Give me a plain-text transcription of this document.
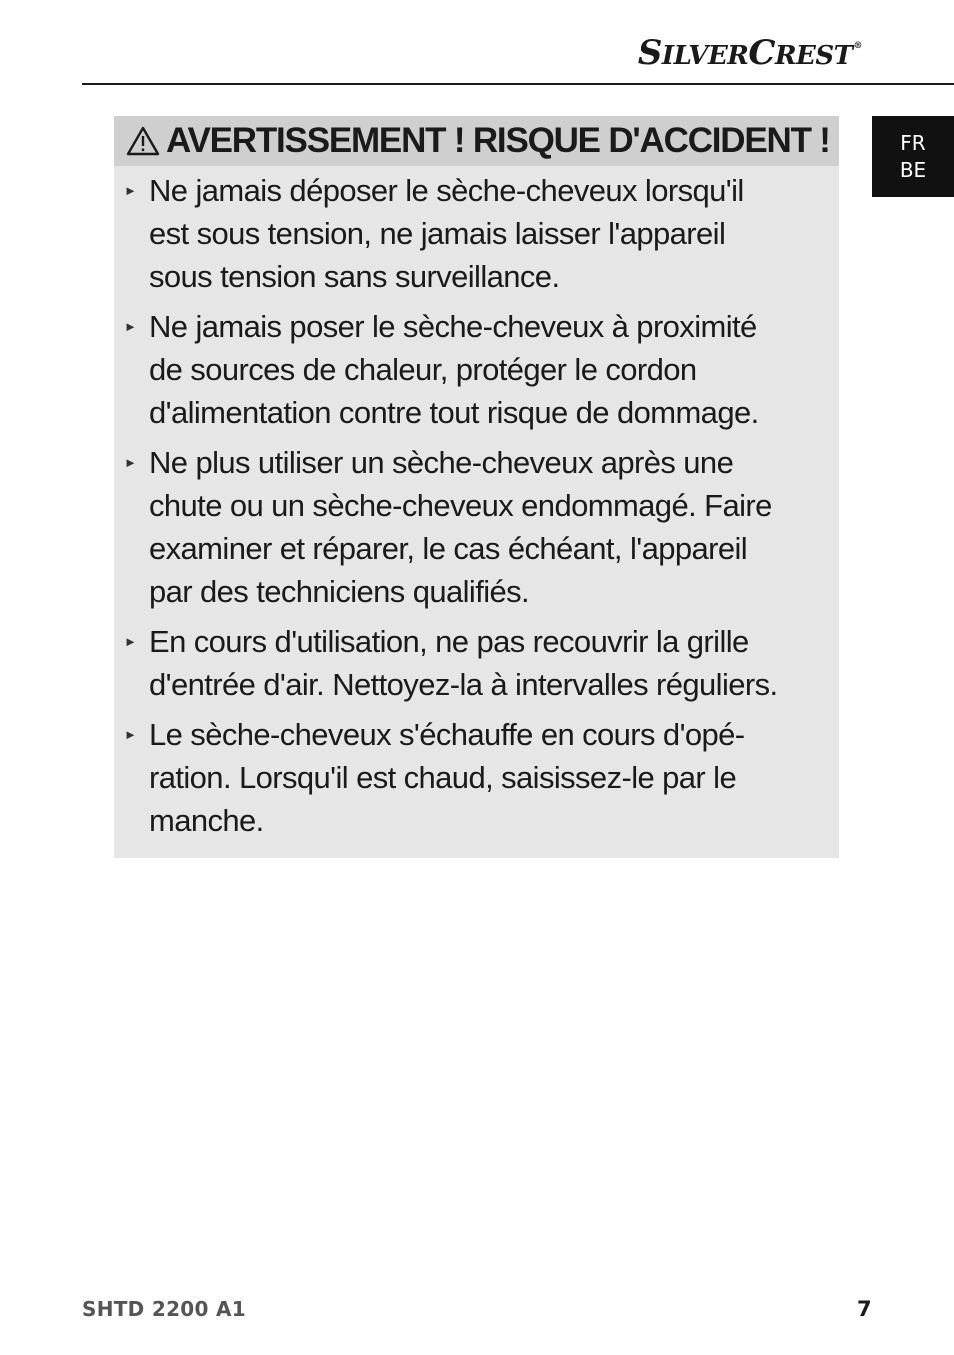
SILVERCREST®
FR
BE
AVERTISSEMENT ! RISQUE D'ACCIDENT !
► Ne jamais déposer le sèche-cheveux lorsqu'il
est sous tension, ne jamais laisser l'appareil
sous tension sans surveillance.
► Ne jamais poser le sèche-cheveux à proximité
de sources de chaleur, protéger le cordon
d'alimentation contre tout risque de dommage.
► Ne plus utiliser un sèche-cheveux après une
chute ou un sèche-cheveux endommagé. Faire
examiner et réparer, le cas échéant, l'appareil
par des techniciens qualifiés.
► En cours d'utilisation, ne pas recouvrir la grille
d'entrée d'air. Nettoyez-la à intervalles réguliers.
► Le sèche-cheveux s'échauffe en cours d'opé-
ration. Lorsqu'il est chaud, saisissez-le par le
manche.
SHTD 2200 A1	7
